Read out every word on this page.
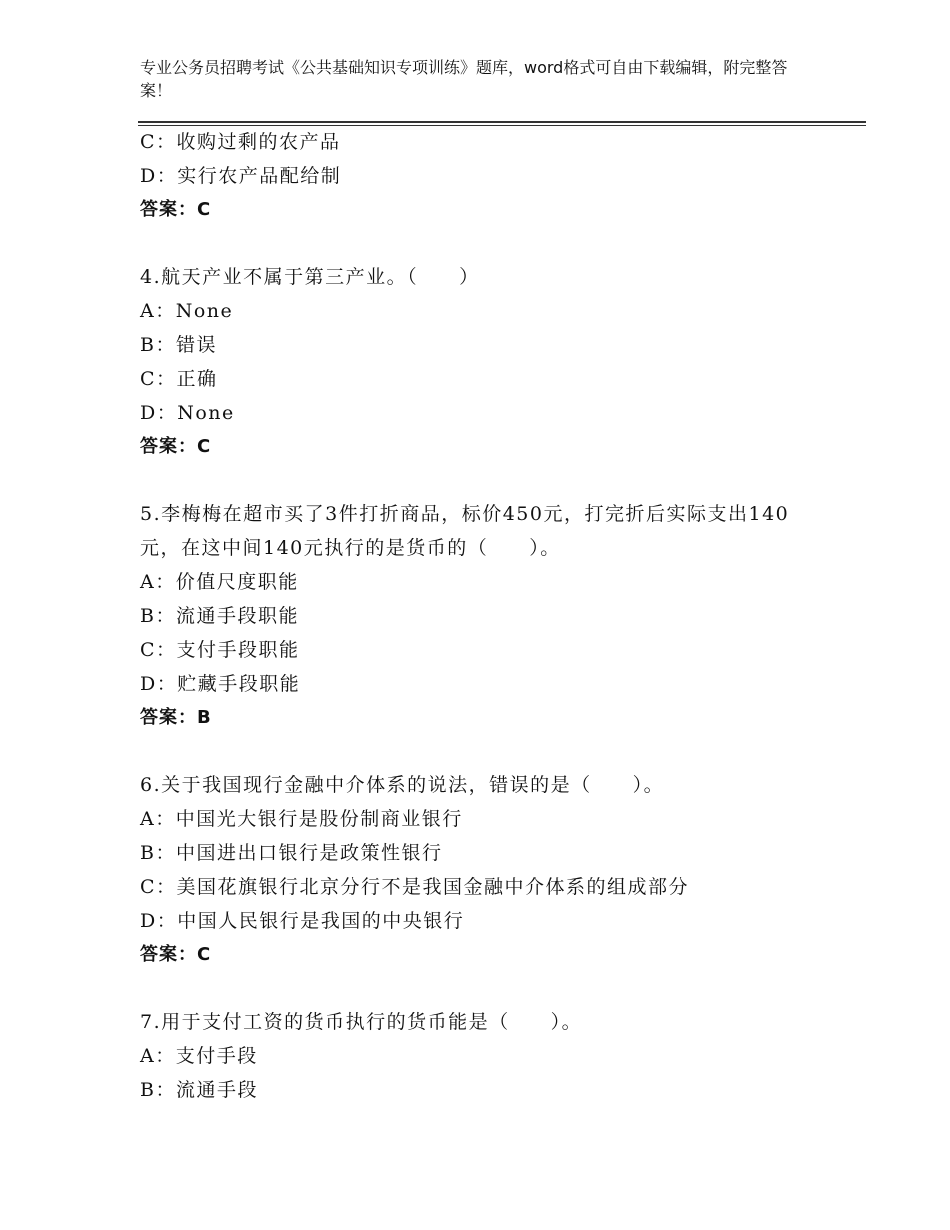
专业公务员招聘考试《公共基础知识专项训练》题库，word格式可自由下载编辑，附完整答案！
C：收购过剩的农产品
D：实行农产品配给制
答案：C
4.航天产业不属于第三产业。（　　）
A：None
B：错误
C：正确
D：None
答案：C
5.李梅梅在超市买了3件打折商品，标价450元，打完折后实际支出140元，在这中间140元执行的是货币的（　　）。
A：价值尺度职能
B：流通手段职能
C：支付手段职能
D：贮藏手段职能
答案：B
6.关于我国现行金融中介体系的说法，错误的是（　　）。
A：中国光大银行是股份制商业银行
B：中国进出口银行是政策性银行
C：美国花旗银行北京分行不是我国金融中介体系的组成部分
D：中国人民银行是我国的中央银行
答案：C
7.用于支付工资的货币执行的货币能是（　　）。
A：支付手段
B：流通手段
